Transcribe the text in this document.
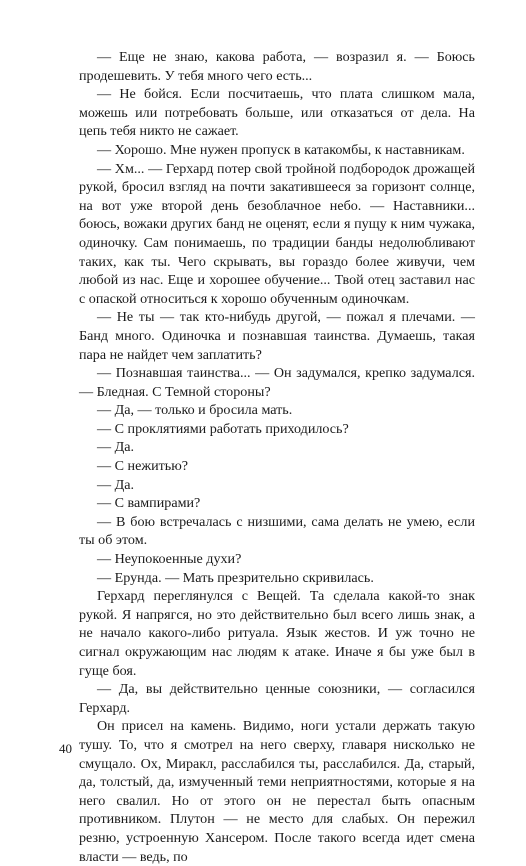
— Еще не знаю, какова работа, — возразил я. — Боюсь продешевить. У тебя много чего есть...

— Не бойся. Если посчитаешь, что плата слишком мала, можешь или потребовать больше, или отказаться от дела. На цепь тебя никто не сажает.

— Хорошо. Мне нужен пропуск в катакомбы, к наставникам.

— Хм... — Герхард потер свой тройной подбородок дрожащей рукой, бросил взгляд на почти закатившееся за горизонт солнце, на вот уже второй день безоблачное небо. — Наставники... боюсь, вожаки других банд не оценят, если я пущу к ним чужака, одиночку. Сам понимаешь, по традиции банды недолюбливают таких, как ты. Чего скрывать, вы гораздо более живучи, чем любой из нас. Еще и хорошее обучение... Твой отец заставил нас с опаской относиться к хорошо обученным одиночкам.

— Не ты — так кто-нибудь другой, — пожал я плечами. — Банд много. Одиночка и познавшая таинства. Думаешь, такая пара не найдет чем заплатить?

— Познавшая таинства... — Он задумался, крепко задумался. — Бледная. С Темной стороны?

— Да, — только и бросила мать.

— С проклятиями работать приходилось?

— Да.

— С нежитью?

— Да.

— С вампирами?

— В бою встречалась с низшими, сама делать не умею, если ты об этом.

— Неупокоенные духи?

— Ерунда. — Мать презрительно скривилась.

Герхард переглянулся с Вещей. Та сделала какой-то знак рукой. Я напрягся, но это действительно был всего лишь знак, а не начало какого-либо ритуала. Язык жестов. И уж точно не сигнал окружающим нас людям к атаке. Иначе я бы уже был в гуще боя.

— Да, вы действительно ценные союзники, — согласился Герхард.

Он присел на камень. Видимо, ноги устали держать такую тушу. То, что я смотрел на него сверху, главаря нисколько не смущало. Ох, Миракл, расслабился ты, расслабился. Да, старый, да, толстый, да, измученный теми неприятностями, которые я на него свалил. Но от этого он не перестал быть опасным противником. Плутон — не место для слабых. Он пережил резню, устроенную Хансером. После такого всегда идет смена власти — ведь, по

40
